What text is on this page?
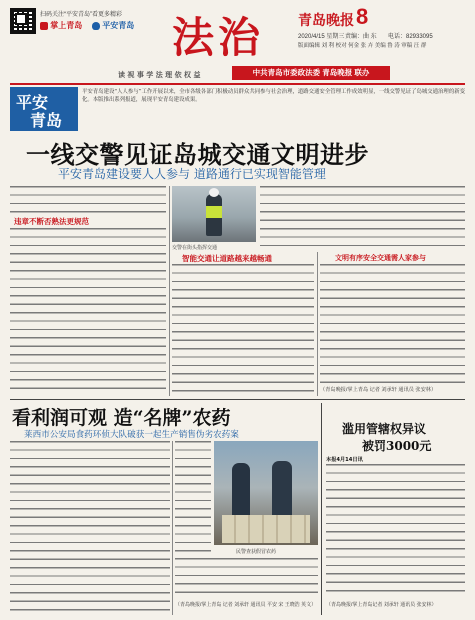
扫码关注“平安青岛”看更多精彩
掌上青岛	平安青岛 法 治	青岛晚报 8
2020/4/15 星期三 责编：曲 东 电话：82933095
版面编辑 刘 利 校对 何金 张 卉 美编 鲁 涛 审稿 汪 群
读 视 事 学 法 理 依 权 益	中共青岛市委政法委 青岛晚报 联办
平安
青岛
平安青岛建设“人人参与”工作开展以来，全市各级各部门积极动员群众共同参与社会治理，道路交通安全管理工作成效明显，一线交警见证了岛城交通治理的新变化。本版推出系列报道，展现平安青岛建设成果。
一线交警见证岛城交通文明进步
平安青岛建设要人人参与 道路通行已实现智能管理
违章不断否熟法更规范
交警在街头指挥交通
智能交通让道路越来越畅通	文明有序安全交通需人家参与
（青岛晚报/掌上青岛 记者 刘承轩 通讯员 张安林）
看利润可观 造“名牌”农药
莱西市公安局食药环侦大队破获一起生产销售伪劣农药案
民警查获假冒农药
（青岛晚报/掌上青岛 记者 刘承轩 通讯员 平安 宋 王晓浩 英文）
滥用管辖权异议
被罚3000元
本报4月14日讯
（青岛晚报/掌上青岛记者 刘承轩 通讯员 张安林）
